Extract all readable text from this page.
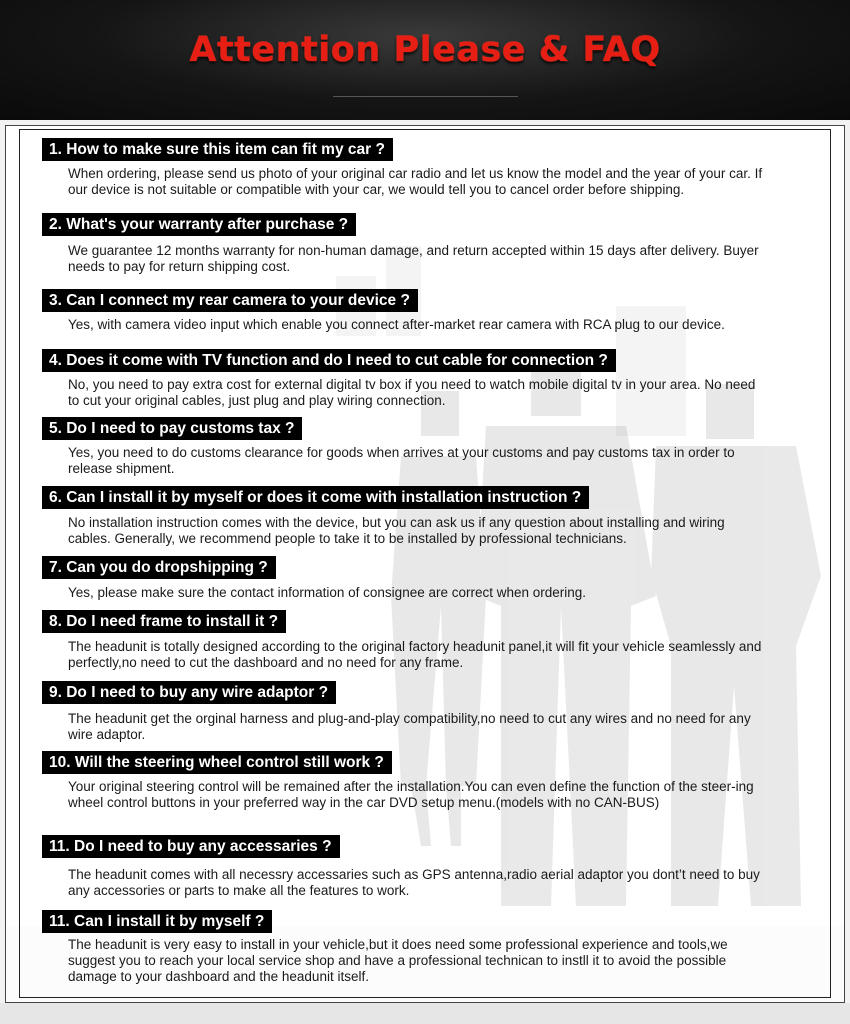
Attention Please & FAQ
1. How to make sure this item can fit my car ?
When ordering, please send us photo of your original car radio and let us know the model and the year of your car. If our device is not suitable or compatible with your car, we would tell you to cancel order before shipping.
2. What's your warranty after purchase ?
We guarantee 12 months warranty for non-human damage, and return accepted within 15 days after delivery. Buyer needs to pay for return shipping cost.
3. Can I connect my rear camera to your device ?
Yes, with camera video input which enable you connect after-market rear camera with RCA plug to our device.
4. Does it come with TV function and do I need to cut cable for connection ?
No, you need to pay extra cost for external digital tv box if you need to watch mobile digital tv in your area. No need to cut your original cables, just plug and play wiring connection.
5. Do I need to pay customs tax ?
Yes, you need to do customs clearance for goods when arrives at your customs and pay customs tax in order to release shipment.
6. Can I install it by myself or does it come with installation instruction ?
No installation instruction comes with the device, but you can ask us if any question about installing and wiring cables. Generally, we recommend people to take it to be installed by professional technicians.
7. Can you do dropshipping ?
Yes, please make sure the contact information of consignee are correct when ordering.
8. Do I need frame to install it ?
The headunit is totally designed according to the original factory headunit panel,it will fit your vehicle seamlessly and perfectly,no need to cut the dashboard and no need for any frame.
9. Do I need to buy any wire adaptor ?
The headunit get the orginal harness and plug-and-play compatibility,no need to cut any wires and no need for any wire adaptor.
10. Will the steering wheel control still work ?
Your original steering control will be remained after the installation.You can even define the function of the steer-ing wheel control buttons in your preferred way in the car DVD setup menu.(models with no CAN-BUS)
11. Do I need to buy any accessaries ?
The headunit comes with all necessry accessaries such as GPS antenna,radio aerial adaptor you dont’t need to buy any accessories or parts to make all the features to work.
11. Can I install it by myself ?
The headunit is very easy to install in your vehicle,but it does need some professional experience and tools,we suggest you to reach your local service shop and have a professional technican to instll it to avoid the possible damage to your dashboard and the headunit itself.
